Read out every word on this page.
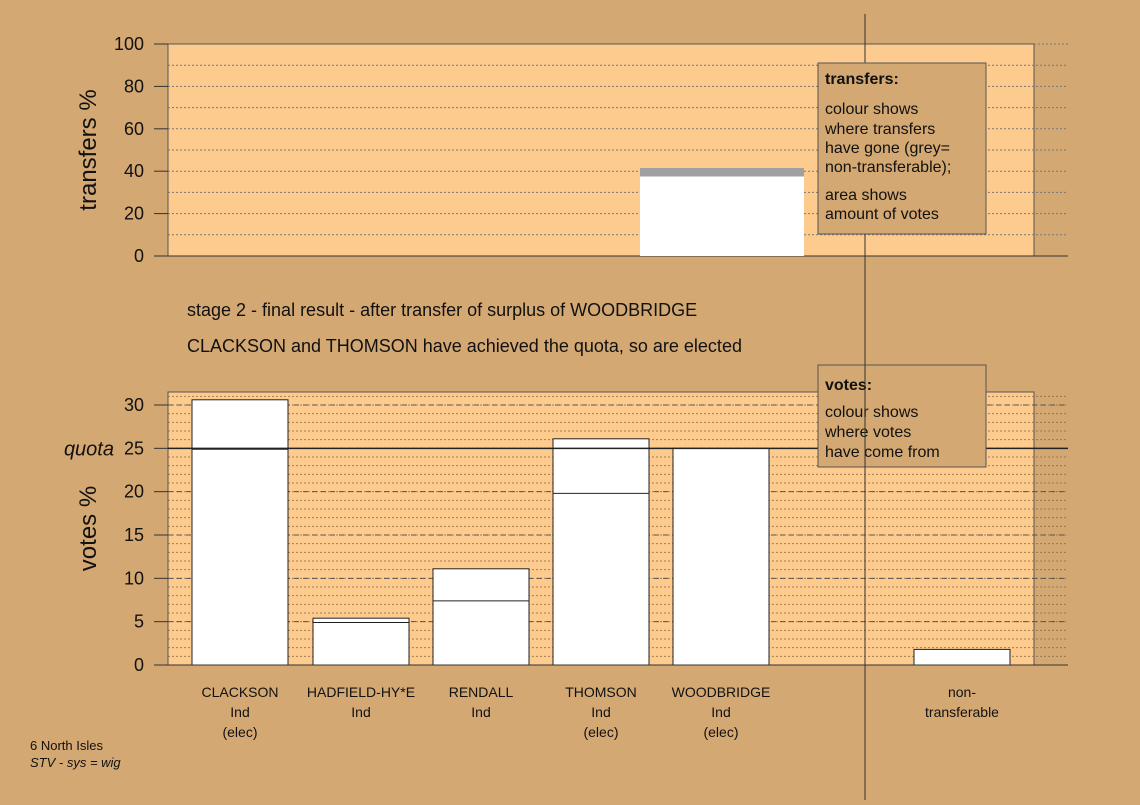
0
20
40
60
80
100
transfers %
0
5
10
15
20
30
quota 25
votes %
CLACKSON
Ind
(elec)
HADFIELD-HY*E
Ind
RENDALL
Ind
THOMSON
Ind
(elec)
WOODBRIDGE
Ind
(elec)
non-
transferable
votes:
colour shows
where votes
have come from
stage 2 - final result - after transfer of surplus of WOODBRIDGE
CLACKSON and THOMSON have achieved the quota, so are elected
transfers:
colour shows
where transfers
have gone (grey=
non-transferable);
area shows
amount of votes
6 North Isles
STV - sys = wig
